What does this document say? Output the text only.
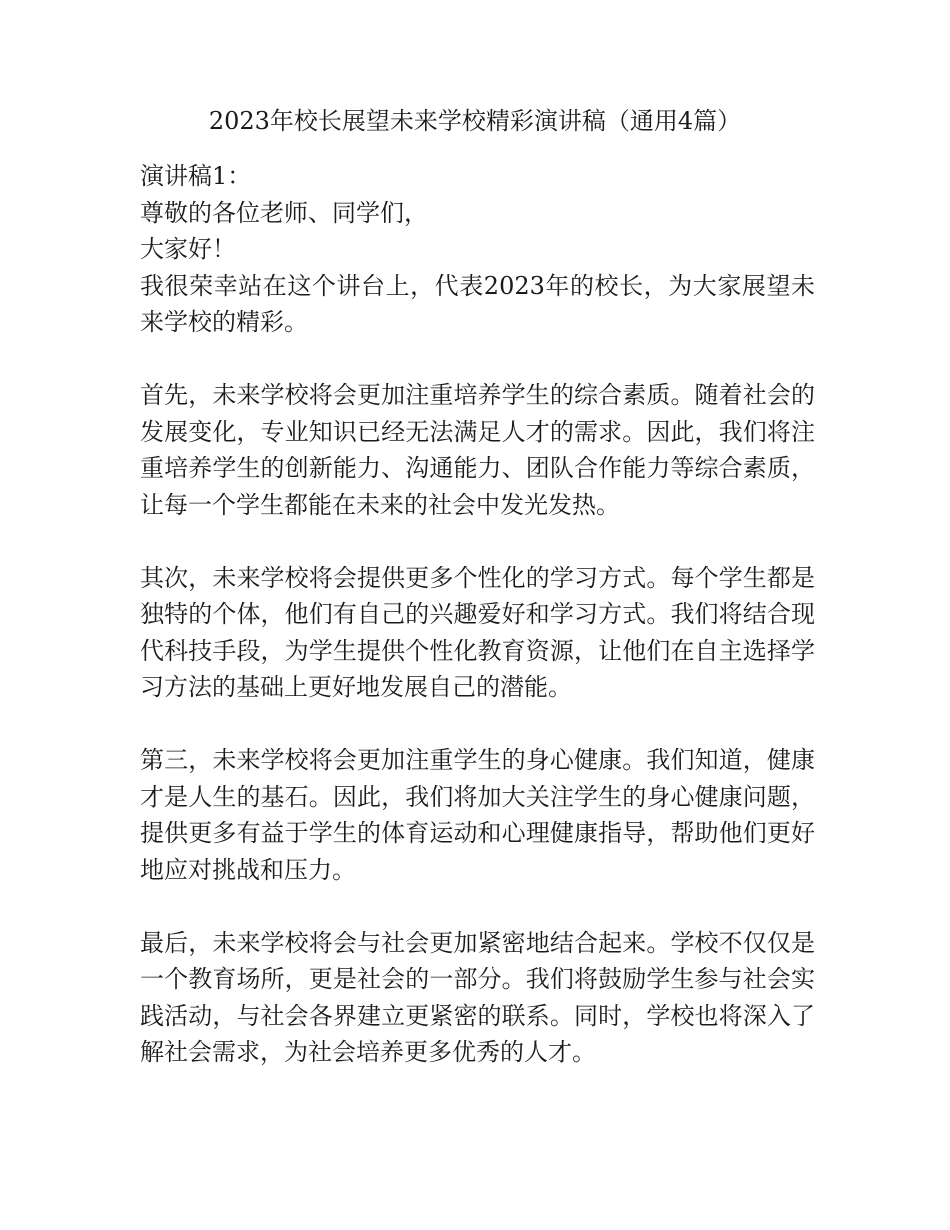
2023年校长展望未来学校精彩演讲稿（通用4篇）

演讲稿1：

尊敬的各位老师、同学们，

大家好！

我很荣幸站在这个讲台上，代表2023年的校长，为大家展望未来学校的精彩。

首先，未来学校将会更加注重培养学生的综合素质。随着社会的发展变化，专业知识已经无法满足人才的需求。因此，我们将注重培养学生的创新能力、沟通能力、团队合作能力等综合素质，让每一个学生都能在未来的社会中发光发热。

其次，未来学校将会提供更多个性化的学习方式。每个学生都是独特的个体，他们有自己的兴趣爱好和学习方式。我们将结合现代科技手段，为学生提供个性化教育资源，让他们在自主选择学习方法的基础上更好地发展自己的潜能。

第三，未来学校将会更加注重学生的身心健康。我们知道，健康才是人生的基石。因此，我们将加大关注学生的身心健康问题，提供更多有益于学生的体育运动和心理健康指导，帮助他们更好地应对挑战和压力。

最后，未来学校将会与社会更加紧密地结合起来。学校不仅仅是一个教育场所，更是社会的一部分。我们将鼓励学生参与社会实践活动，与社会各界建立更紧密的联系。同时，学校也将深入了解社会需求，为社会培养更多优秀的人才。
